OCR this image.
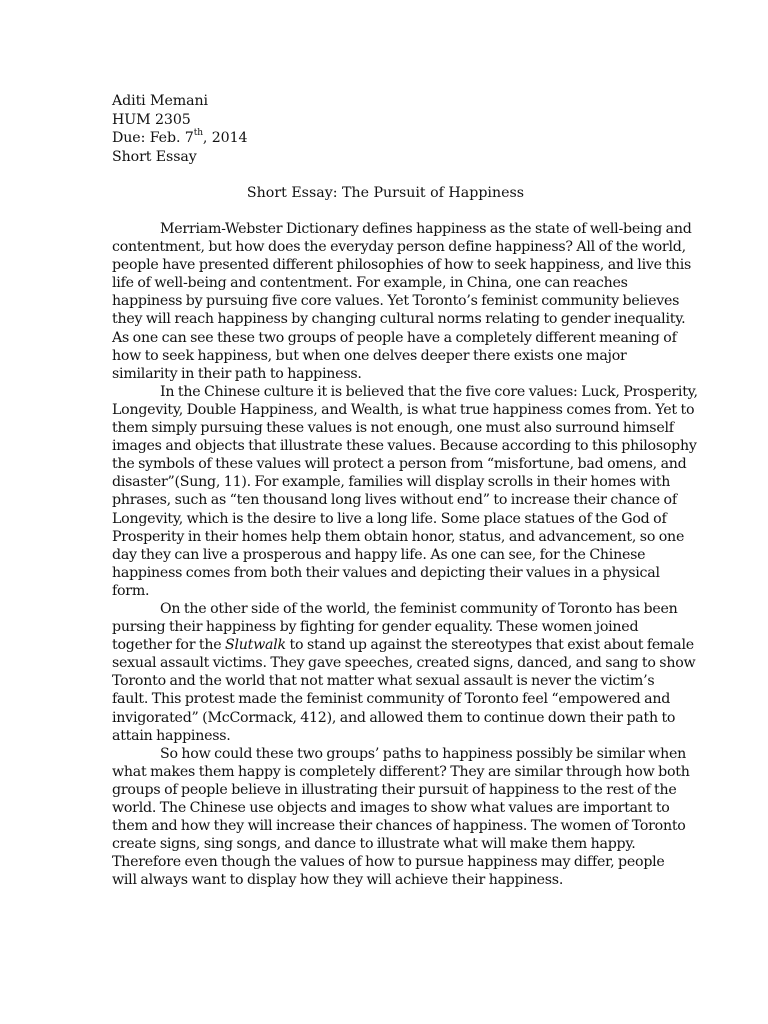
Aditi Memani
HUM 2305
Due: Feb. 7th, 2014
Short Essay
Short Essay: The Pursuit of Happiness
Merriam-Webster Dictionary defines happiness as the state of well-being and
contentment, but how does the everyday person define happiness? All of the world,
people have presented different philosophies of how to seek happiness, and live this
life of well-being and contentment. For example, in China, one can reaches
happiness by pursuing five core values. Yet Toronto’s feminist community believes
they will reach happiness by changing cultural norms relating to gender inequality.
As one can see these two groups of people have a completely different meaning of
how to seek happiness, but when one delves deeper there exists one major
similarity in their path to happiness.
In the Chinese culture it is believed that the five core values: Luck, Prosperity,
Longevity, Double Happiness, and Wealth, is what true happiness comes from. Yet to
them simply pursuing these values is not enough, one must also surround himself
images and objects that illustrate these values. Because according to this philosophy
the symbols of these values will protect a person from “misfortune, bad omens, and
disaster”(Sung, 11). For example, families will display scrolls in their homes with
phrases, such as “ten thousand long lives without end” to increase their chance of
Longevity, which is the desire to live a long life. Some place statues of the God of
Prosperity in their homes help them obtain honor, status, and advancement, so one
day they can live a prosperous and happy life. As one can see, for the Chinese
happiness comes from both their values and depicting their values in a physical
form.
On the other side of the world, the feminist community of Toronto has been
pursing their happiness by fighting for gender equality. These women joined
together for the Slutwalk to stand up against the stereotypes that exist about female
sexual assault victims. They gave speeches, created signs, danced, and sang to show
Toronto and the world that not matter what sexual assault is never the victim’s
fault. This protest made the feminist community of Toronto feel “empowered and
invigorated” (McCormack, 412), and allowed them to continue down their path to
attain happiness.
So how could these two groups’ paths to happiness possibly be similar when
what makes them happy is completely different? They are similar through how both
groups of people believe in illustrating their pursuit of happiness to the rest of the
world. The Chinese use objects and images to show what values are important to
them and how they will increase their chances of happiness. The women of Toronto
create signs, sing songs, and dance to illustrate what will make them happy.
Therefore even though the values of how to pursue happiness may differ, people
will always want to display how they will achieve their happiness.
